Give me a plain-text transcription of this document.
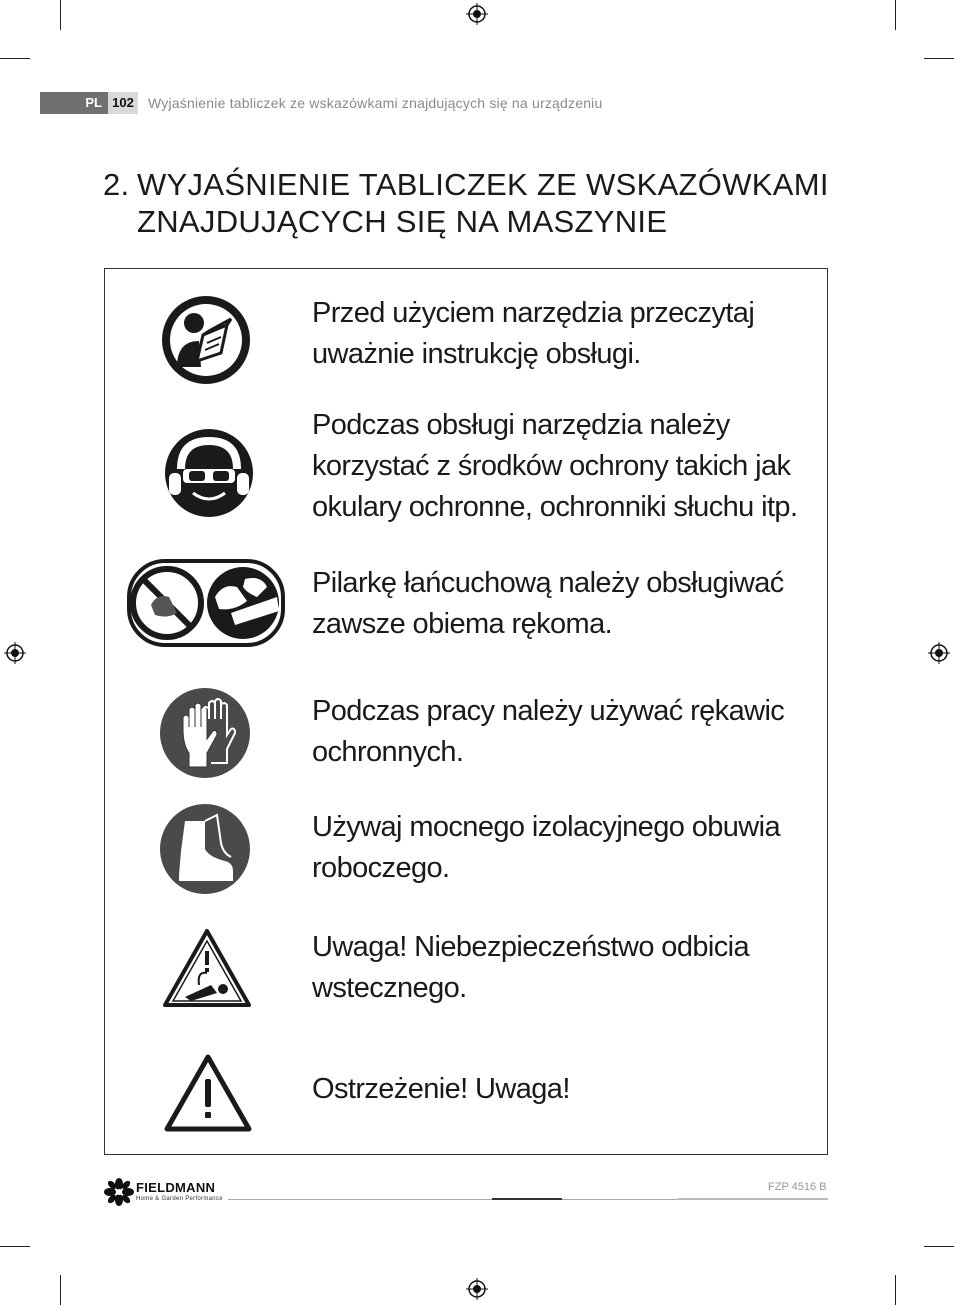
PL 102 Wyjaśnienie tabliczek ze wskazówkami znajdujących się na urządzeniu
2. WYJAŚNIENIE TABLICZEK ZE WSKAZÓWKAMI
ZNAJDUJĄCYCH SIĘ NA MASZYNIE
Przed użyciem narzędzia przeczytaj uważnie instrukcję obsługi.
Podczas obsługi narzędzia należy korzystać z środków ochrony takich jak okulary ochronne, ochronniki słuchu itp.
Pilarkę łańcuchową należy obsługiwać zawsze obiema rękoma.
Podczas pracy należy używać rękawic ochronnych.
Używaj mocnego izolacyjnego obuwia roboczego.
Uwaga! Niebezpieczeństwo odbicia wstecznego.
Ostrzeżenie! Uwaga!
FIELDMANN
Home & Garden Performance
FZP 4516 B
